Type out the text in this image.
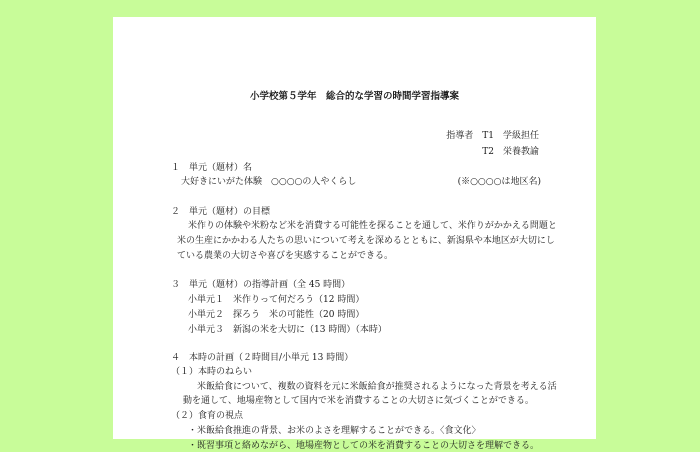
小学校第５学年　総合的な学習の時間学習指導案
指導者　T1　学級担任
T2　栄養教諭
１　単元（題材）名
大好きにいがた体験　○○○○の人やくらし	(※○○○○は地区名)
２　単元（題材）の目標
米作りの体験や米粉など米を消費する可能性を探ることを通して、米作りがかかえる問題と
米の生産にかかわる人たちの思いについて考えを深めるとともに、新潟県や本地区が大切にし
ている農業の大切さや喜びを実感することができる。
３　単元（題材）の指導計画（全 45 時間）
小単元１　米作りって何だろう（12 時間）
小単元２　探ろう　米の可能性（20 時間）
小単元３　新潟の米を大切に（13 時間）（本時）
４　本時の計画（２時間目/小単元 13 時間）
（１）本時のねらい
米飯給食について、複数の資料を元に米飯給食が推奨されるようになった背景を考える活
動を通して、地場産物として国内で米を消費することの大切さに気づくことができる。
（２）食育の視点
・米飯給食推進の背景、お米のよさを理解することができる。〈食文化〉
・既習事項と絡めながら、地場産物としての米を消費することの大切さを理解できる。
